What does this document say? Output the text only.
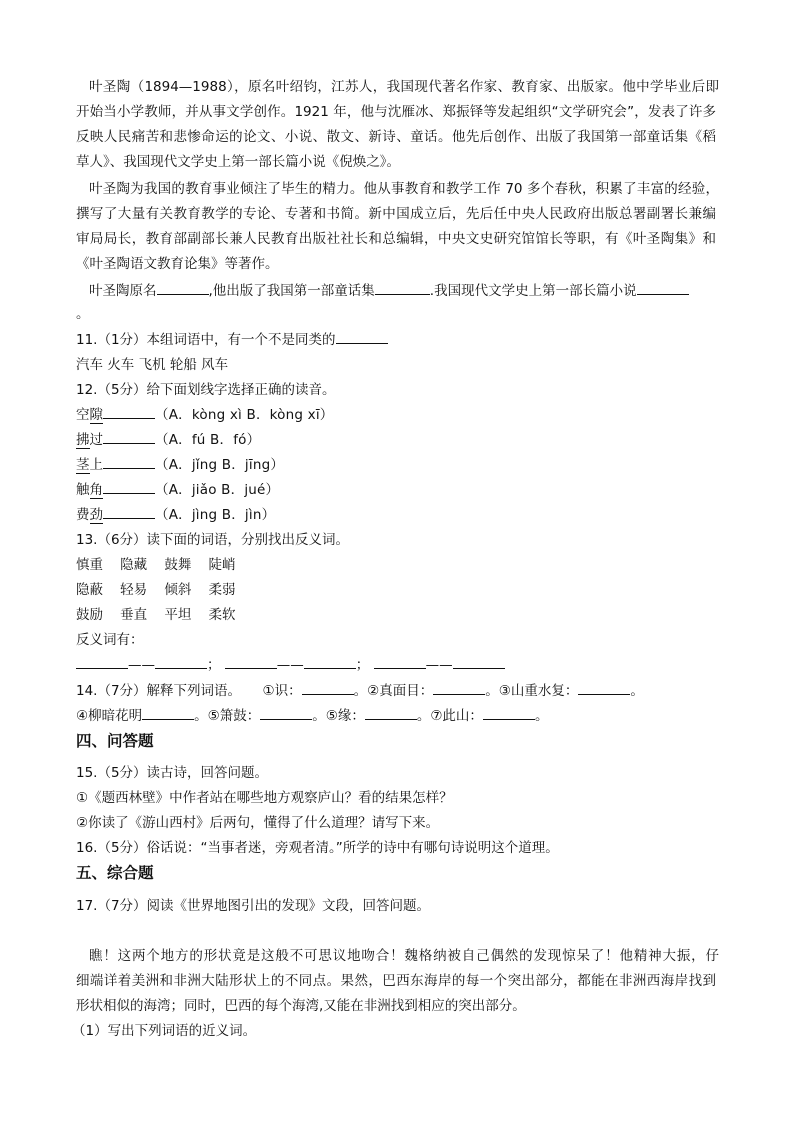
叶圣陶（1894—1988），原名叶绍钧，江苏人，我国现代著名作家、教育家、出版家。他中学毕业后即
开始当小学教师，并从事文学创作。1921 年，他与沈雁冰、郑振铎等发起组织“文学研究会”，发表了许多
反映人民痛苦和悲惨命运的论文、小说、散文、新诗、童话。他先后创作、出版了我国第一部童话集《稻
草人》、我国现代文学史上第一部长篇小说《倪焕之》。
叶圣陶为我国的教育事业倾注了毕生的精力。他从事教育和教学工作 70 多个春秋，积累了丰富的经验，
撰写了大量有关教育教学的专论、专著和书简。新中国成立后，先后任中央人民政府出版总署副署长兼编
审局局长，教育部副部长兼人民教育出版社社长和总编辑，中央文史研究馆馆长等职，有《叶圣陶集》和
《叶圣陶语文教育论集》等著作。
叶圣陶原名	,他出版了我国第一部童话集	.我国现代文学史上第一部长篇小说
。
11.（1分）本组词语中，有一个不是同类的
汽车 火车 飞机 轮船 风车
12.（5分）给下面划线字选择正确的读音。
空隙	（A．kòng xì B．kòng xī）
拂过	（A．fú B．fó）
茎上	（A．jǐng B．jīng）
触角	（A．jiǎo B．jué）
费劲	（A．jìng B．jìn）
13.（6分）读下面的词语，分别找出反义词。
慎重 隐藏 鼓舞 陡峭
隐蔽 轻易 倾斜 柔弱
鼓励 垂直 平坦 柔软
反义词有：
——	；	——	；	——
14.（7分）解释下列词语。 ①识：	。②真面目：	。③山重水复：	。
④柳暗花明	。⑤箫鼓：	。⑤缘：	。⑦此山：	。
四、问答题
15.（5分）读古诗，回答问题。
①《题西林壁》中作者站在哪些地方观察庐山？看的结果怎样？
②你读了《游山西村》后两句，懂得了什么道理？请写下来。
16.（5分）俗话说：“当事者迷，旁观者清。”所学的诗中有哪句诗说明这个道理。
五、综合题
17.（7分）阅读《世界地图引出的发现》文段，回答问题。
瞧！这两个地方的形状竟是这般不可思议地吻合！魏格纳被自己偶然的发现惊呆了！他精神大振，仔
细端详着美洲和非洲大陆形状上的不同点。果然，巴西东海岸的每一个突出部分，都能在非洲西海岸找到
形状相似的海湾；同时，巴西的每个海湾,又能在非洲找到相应的突出部分。
（1）写出下列词语的近义词。
